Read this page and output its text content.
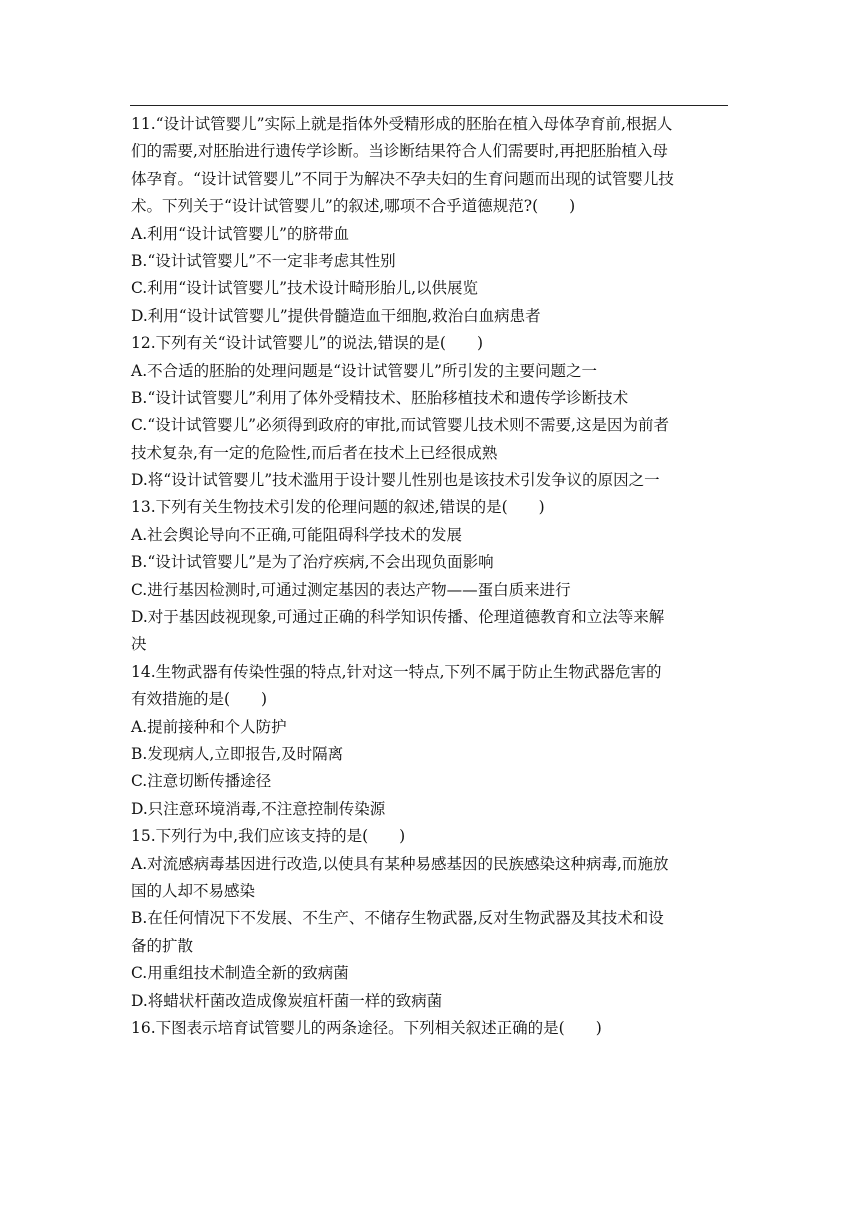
11.“设计试管婴儿”实际上就是指体外受精形成的胚胎在植入母体孕育前,根据人
们的需要,对胚胎进行遗传学诊断。当诊断结果符合人们需要时,再把胚胎植入母
体孕育。“设计试管婴儿”不同于为解决不孕夫妇的生育问题而出现的试管婴儿技
术。下列关于“设计试管婴儿”的叙述,哪项不合乎道德规范?(　　)
A.利用“设计试管婴儿”的脐带血
B.“设计试管婴儿”不一定非考虑其性别
C.利用“设计试管婴儿”技术设计畸形胎儿,以供展览
D.利用“设计试管婴儿”提供骨髓造血干细胞,救治白血病患者
12.下列有关“设计试管婴儿”的说法,错误的是(　　)
A.不合适的胚胎的处理问题是“设计试管婴儿”所引发的主要问题之一
B.“设计试管婴儿”利用了体外受精技术、胚胎移植技术和遗传学诊断技术
C.“设计试管婴儿”必须得到政府的审批,而试管婴儿技术则不需要,这是因为前者
技术复杂,有一定的危险性,而后者在技术上已经很成熟
D.将“设计试管婴儿”技术滥用于设计婴儿性别也是该技术引发争议的原因之一
13.下列有关生物技术引发的伦理问题的叙述,错误的是(　　)
A.社会舆论导向不正确,可能阻碍科学技术的发展
B.“设计试管婴儿”是为了治疗疾病,不会出现负面影响
C.进行基因检测时,可通过测定基因的表达产物——蛋白质来进行
D.对于基因歧视现象,可通过正确的科学知识传播、伦理道德教育和立法等来解
决
14.生物武器有传染性强的特点,针对这一特点,下列不属于防止生物武器危害的
有效措施的是(　　)
A.提前接种和个人防护
B.发现病人,立即报告,及时隔离
C.注意切断传播途径
D.只注意环境消毒,不注意控制传染源
15.下列行为中,我们应该支持的是(　　)
A.对流感病毒基因进行改造,以使具有某种易感基因的民族感染这种病毒,而施放
国的人却不易感染
B.在任何情况下不发展、不生产、不储存生物武器,反对生物武器及其技术和设
备的扩散
C.用重组技术制造全新的致病菌
D.将蜡状杆菌改造成像炭疽杆菌一样的致病菌
16.下图表示培育试管婴儿的两条途径。下列相关叙述正确的是(　　)
